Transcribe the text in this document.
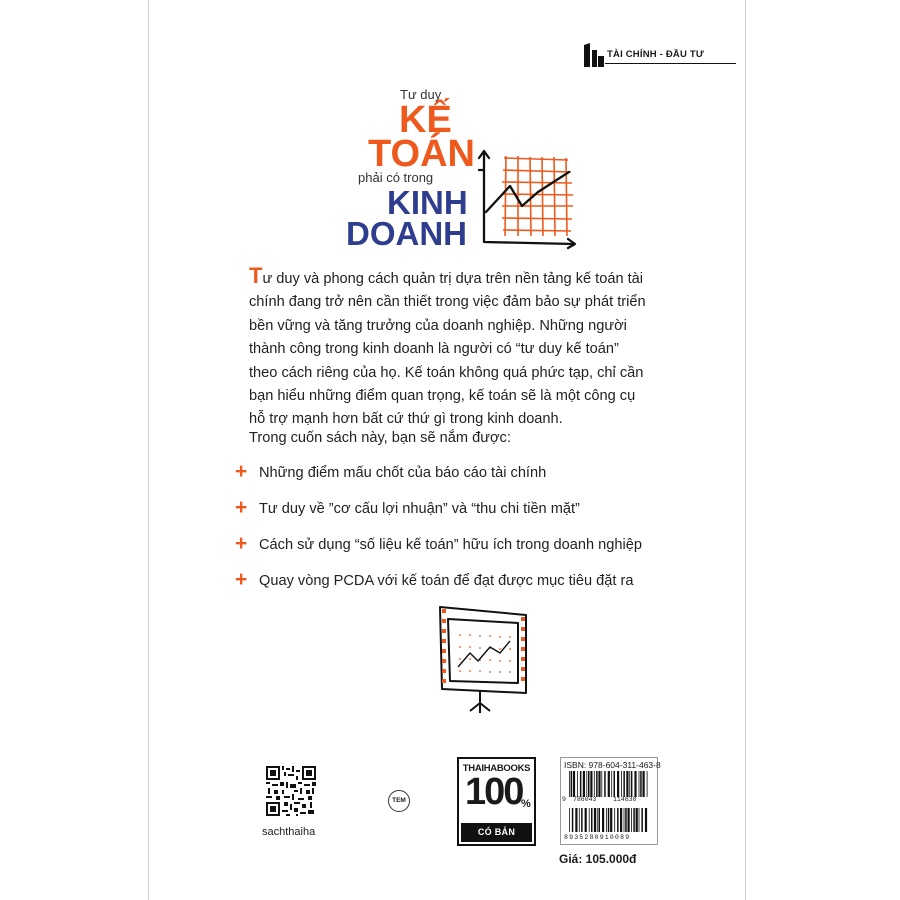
TÀI CHÍNH - ĐẦU TƯ
Tư duy
KẾ
TOÁN
phải có trong
KINH
DOANH
Tư duy và phong cách quản trị dựa trên nền tảng kế toán tài chính đang trở nên cần thiết trong việc đảm bảo sự phát triển bền vững và tăng trưởng của doanh nghiệp. Những người thành công trong kinh doanh là người có “tư duy kế toán” theo cách riêng của họ. Kế toán không quá phức tạp, chỉ cần bạn hiểu những điểm quan trọng, kế toán sẽ là một công cụ hỗ trợ mạnh hơn bất cứ thứ gì trong kinh doanh.
Trong cuốn sách này, bạn sẽ nắm được:
+ Những điểm mấu chốt của báo cáo tài chính
+ Tư duy về ”cơ cấu lợi nhuận” và “thu chi tiền mặt”
+ Cách sử dụng “số liệu kế toán” hữu ích trong doanh nghiệp
+ Quay vòng PCDA với kế toán để đạt được mục tiêu đặt ra
sachthaiha
TEM
THAIHABOOKS
100
%
CÓ BẢN QUYỀN
ISBN: 978-604-311-463-8
9 786043	114638
8935280910089
Giá: 105.000đ
